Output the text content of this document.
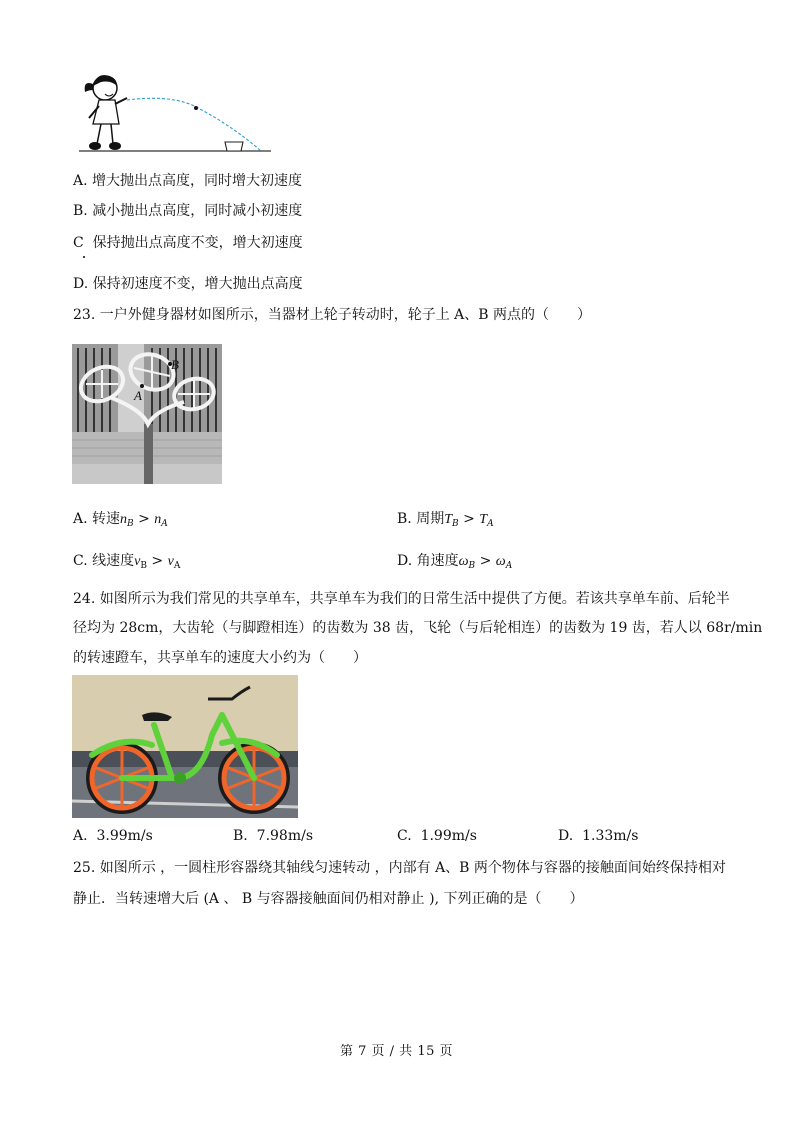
A. 增大抛出点高度，同时增大初速度
B. 减小抛出点高度，同时减小初速度
C 保持抛出点高度不变，增大初速度
D. 保持初速度不变，增大抛出点高度
23. 一户外健身器材如图所示，当器材上轮子转动时，轮子上 A、B 两点的（　　）
A
B
A. 转速$n_B > n_A$	B. 周期$T_B > T_A$
C. 线速度$v_B > v_A$	D. 角速度$\omega_B > \omega_A$
24. 如图所示为我们常见的共享单车，共享单车为我们的日常生活中提供了方便。若该共享单车前、后轮半
径均为 28cm，大齿轮（与脚蹬相连）的齿数为 38 齿，飞轮（与后轮相连）的齿数为 19 齿，若人以 68r/min
的转速蹬车，共享单车的速度大小约为（　　）
A. 3.99m/s	B. 7.98m/s	C. 1.99m/s	D. 1.33m/s
25. 如图所示 ，一圆柱形容器绕其轴线匀速转动 ，内部有 A、B 两个物体与容器的接触面间始终保持相对
静止．当转速增大后 (A 、 B 与容器接触面间仍相对静止 ), 下列正确的是（　　）
第 7 页 / 共 15 页
